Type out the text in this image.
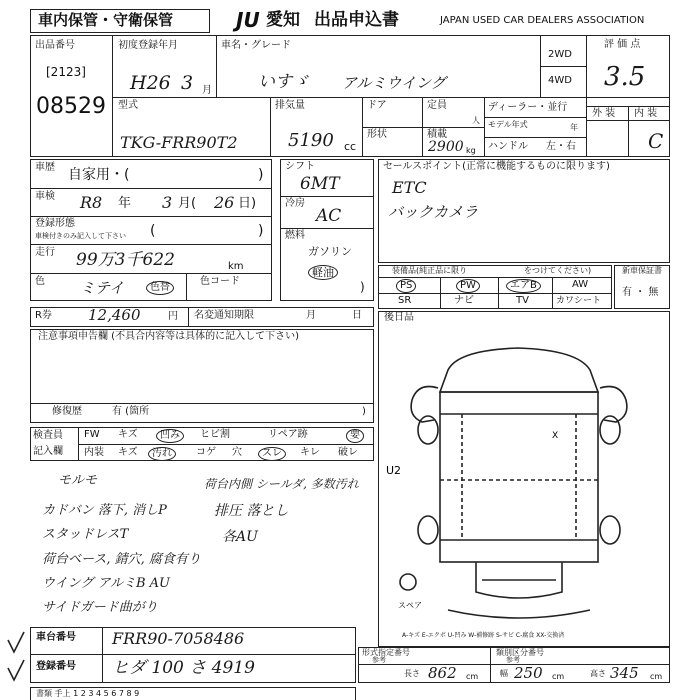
車内保管・守衛保管	JU 愛知 出品申込書	JAPAN USED CAR DEALERS ASSOCIATION
出品番号
[2123]
08529
初度登録年月
H26 3 月
車名・グレード
いすゞ アルミウイング
2WD
4WD
評 価 点
3.5
型式
TKG-FRR90T2
排気量
5190 cc
ドア
形状
定員
人
積載
2900 kg
ディーラー・並行
モデル年式	年
ハンドル 左・右
外 装 内 装
C
車歴 自家用・(	)
車検 R8 年 3 月( 26 日)
登録形態
車検付きのみ記入して下さい (	)
走行 99万3千622	km
色 ミテイ	色替
色コード
シフト
6MT
冷房
AC
燃料
ガソリン
軽油
)
セールスポイント(正常に機能するものに限ります)
ETC
バックカメラ
装備品(純正品に限り	をつけてください)
PS	PW	エアB	AW
SR	ナビ	TV	カワシート
新車保証書
有 ・ 無
R券 12,460	円 名変通知期限	月	日
注意事項申告欄 (不具合内容等は具体的に記入して下さい)
修復歴	有 (箇所	)
後日品
検査員
記入欄
FW キズ	凹み	ヒビ割	リペア跡	要
内装 キズ	汚れ	コゲ 穴	スレ	キレ 破レ
モルモ
カドバン 落下, 消しP
スタッドレスT
荷台ベース, 錆穴, 腐食有り
ウイング アルミB AU
サイドガード曲がり
荷台内側 シールダ, 多数汚れ
排圧 落とし
各AU
U2
X
スペア
A-キズ E-エクボ U-凹み W-補修跡 S-サビ C-腐食 XX-交換済
車台番号 FRR90-7058486
登録番号 ヒダ 100 さ 4919
形式指定番号
参考
類別区分番号
参考
長さ 862 cm	幅 250 cm	高さ 345 cm
書類 手上 1 2 3 4 5 6 7 8 9
